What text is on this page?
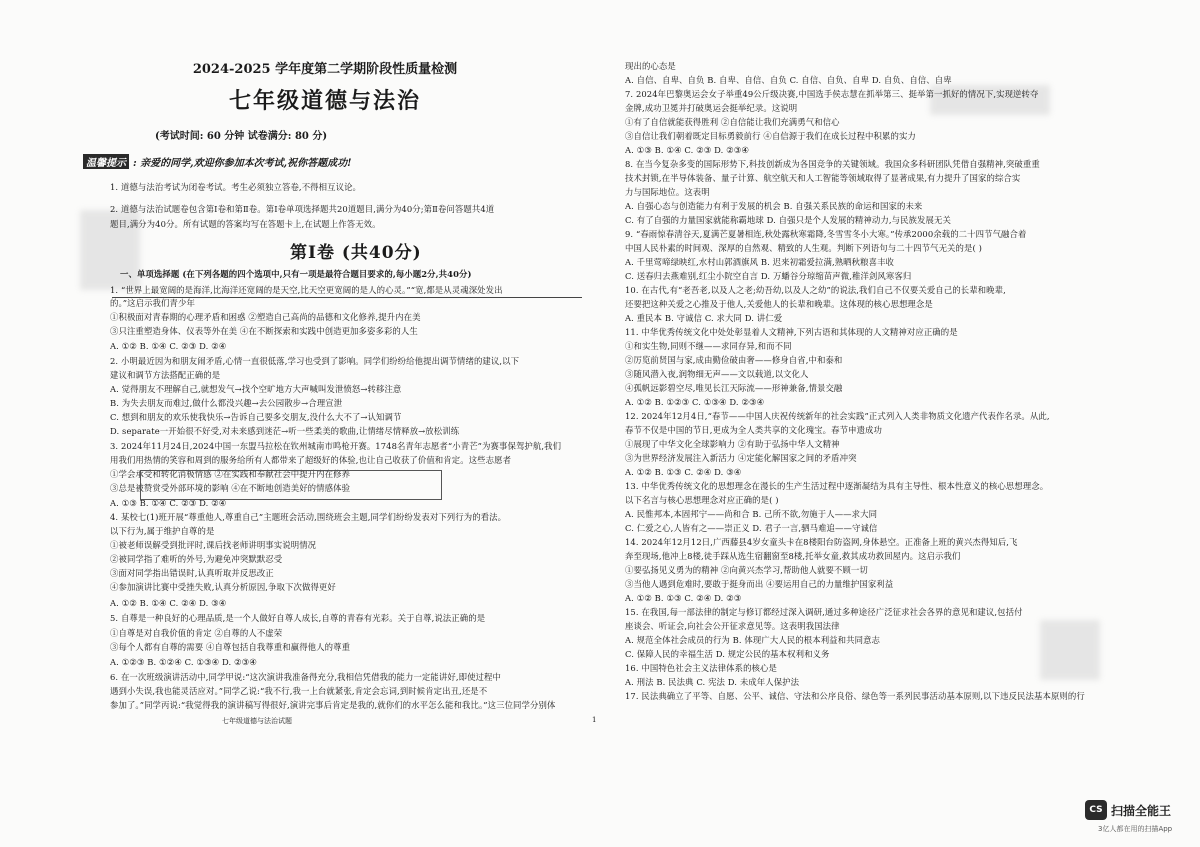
2024-2025 学年度第二学期阶段性质量检测
七年级道德与法治
(考试时间: 60 分钟 试卷满分: 80 分)
温馨提示 : 亲爱的同学,欢迎你参加本次考试,祝你答题成功!
第Ⅰ卷 (共40分)
1. 道德与法治考试为闭卷考试。考生必须独立答卷,不得相互议论。
2. 道德与法治试题卷包含第Ⅰ卷和第Ⅱ卷。第Ⅰ卷单项选择题共20道题目,满分为40分;第Ⅱ卷问答题共4道
题目,满分为40分。所有试题的答案均写在答题卡上,在试题上作答无效。
一、单项选择题 (在下列各题的四个选项中,只有一项是最符合题目要求的,每小题2分,共40分)
1. “世界上最宽阔的是海洋,比海洋还宽阔的是天空,比天空更宽阔的是人的心灵。”“宽,都是从灵魂深处发出
的。”这启示我们青少年
①积极面对青春期的心理矛盾和困惑 ②塑造自己高尚的品德和文化修养,提升内在美
③只注重塑造身体、仪表等外在美 ④在不断探索和实践中创造更加多姿多彩的人生
A. ①② B. ①④ C. ②③ D. ②④
2. 小明最近因为和朋友闹矛盾,心情一直很低落,学习也受到了影响。同学们纷纷给他提出调节情绪的建议,以下
建议和调节方法搭配正确的是
A. 觉得朋友不理解自己,就想发气→找个空旷地方大声喊叫发泄愤怒→转移注意
B. 为失去朋友而难过,做什么都没兴趣→去公园散步→合理宣泄
C. 想到和朋友的欢乐使我快乐→告诉自己要多交朋友,没什么大不了→认知调节
D. separate一开始很不好受,对未来感到迷茫→听一些柔美的歌曲,让情绪尽情释放→放松训练
3. 2024年11月24日,2024中国一东盟马拉松在钦州城南市鸣枪开赛。1748名青年志愿者“小青芒”为赛事保驾护航,我们
用我们用热情的笑容和周到的服务给所有人都带来了超级好的体验,也让自己收获了价值和肯定。这些志愿者
①学会承受和转化消极情感 ②在实践和奉献社会中提升内在修养
③总是被赞赏受外部环境的影响 ④在不断地创造美好的情感体验
A. ①③ B. ①④ C. ②③ D. ②④
4. 某校七(1)班开展“尊重他人,尊重自己”主题班会活动,围绕班会主题,同学们纷纷发表对下列行为的看法。
以下行为,属于维护自尊的是
①被老师误解受到批评时,课后找老师讲明事实说明情况
②被同学指了难听的外号,为避免冲突默默忍受
③面对同学指出错误时,认真听取并反思改正
④参加演讲比赛中受挫失败,认真分析原因,争取下次做得更好
A. ①② B. ①④ C. ②④ D. ③④
5. 自尊是一种良好的心理品质,是一个人做好自尊人成长,自尊的青春有光彩。关于自尊,说法正确的是
①自尊是对自我价值的肯定 ②自尊的人不虚荣
③每个人都有自尊的需要 ④自尊包括自我尊重和赢得他人的尊重
A. ①②③ B. ①②④ C. ①③④ D. ②③④
6. 在一次班级演讲活动中,同学甲说:“这次演讲我准备得充分,我相信凭借我的能力一定能讲好,即使过程中
遇到小失误,我也能灵活应对。”同学乙说:“我不行,我一上台就紧张,肯定会忘词,到时候肯定出丑,还是不
参加了。”同学丙说:“我觉得我的演讲稿写得很好,演讲完事后肯定是我的,就你们的水平怎么能和我比。”这三位同学分别体
七年级道德与法治试题	1
现出的心态是
A. 自信、自卑、自负 B. 自卑、自信、自负 C. 自信、自负、自卑 D. 自负、自信、自卑
7. 2024年巴黎奥运会女子举重49公斤级决赛,中国选手侯志慧在抓举第三、挺举第一抓好的情况下,实现逆转夺
金牌,成功卫冕并打破奥运会挺举纪录。这说明
①有了自信就能获得胜利 ②自信能让我们充满勇气和信心
③自信让我们朝着既定目标勇毅前行 ④自信源于我们在成长过程中积累的实力
A. ①③ B. ①④ C. ②③ D. ②③④
8. 在当今复杂多变的国际形势下,科技创新成为各国竞争的关键领域。我国众多科研团队凭借自强精神,突破重重
技术封锁,在半导体装备、量子计算、航空航天和人工智能等领域取得了显著成果,有力提升了国家的综合实
力与国际地位。这表明
A. 自强心态与创造能力有利于发展的机会 B. 自强关系民族的命运和国家的未来
C. 有了自强的力量国家就能称霸地球 D. 自强只是个人发展的精神动力,与民族发展无关
9. “春雨惊春清谷天,夏满芒夏暑相连,秋处露秋寒霜降,冬雪雪冬小大寒。”传承2000余载的二十四节气融合着
中国人民朴素的时间观、深厚的自然观、精致的人生观。判断下列语句与二十四节气无关的是( )
A. 千里莺啼绿映红,水村山郭酒旗风 B. 迟来初霜爱拉满,熟晒秋粮喜丰收
C. 送春归去燕难别,红尘小院空自言 D. 万蟠谷分琼缩苗声微,稚洋剑风寒客归
10. 在古代,有“老吾老,以及人之老;幼吾幼,以及人之幼”的说法,我们自己不仅要关爱自己的长辈和晚辈,
还要把这种关爱之心推及于他人,关爱他人的长辈和晚辈。这体现的核心思想理念是
A. 重民本 B. 守诚信 C. 求大同 D. 讲仁爱
11. 中华优秀传统文化中处处彰显着人文精神,下列古语和其体现的人文精神对应正确的是
①和实生物,同则不继——求同存异,和而不同
②厉览前贤国与家,成由勤俭破由奢——修身自省,中和泰和
③随风潜入夜,润物细无声——文以载道,以文化人
④孤帆远影碧空尽,唯见长江天际流——形神兼备,情景交融
A. ①② B. ①②③ C. ①③④ D. ②③④
12. 2024年12月4日,“春节——中国人庆祝传统新年的社会实践”正式列入人类非物质文化遗产代表作名录。从此,
春节不仅是中国的节日,更成为全人类共享的文化瑰宝。春节申遗成功
①展现了中华文化全球影响力 ②有助于弘扬中华人文精神
③为世界经济发展注入新活力 ④定能化解国家之间的矛盾冲突
A. ①② B. ①③ C. ②④ D. ③④
13. 中华优秀传统文化的思想理念在漫长的生产生活过程中逐渐凝结为具有主导性、根本性意义的核心思想理念。
以下名言与核心思想理念对应正确的是( )
A. 民惟邦本,本固邦宁——尚和合 B. 己所不欲,勿施于人——求大同
C. 仁爱之心,人皆有之——崇正义 D. 君子一言,驷马难追——守诚信
14. 2024年12月12日,广西藤县4岁女童头卡在8楼阳台防盗网,身体悬空。正准备上班的黄兴杰得知后,飞
奔至现场,他冲上8楼,徒手踩从选生宿翻窗至8楼,托举女童,救其成功救回屋内。这启示我们
①要弘扬见义勇为的精神 ②向黄兴杰学习,帮助他人就要不顾一切
③当他人遇到危难时,要敢于挺身而出 ④要运用自己的力量维护国家利益
A. ①② B. ①③ C. ②④ D. ②③
15. 在我国,每一部法律的制定与修订都经过深入调研,通过多种途径广泛征求社会各界的意见和建议,包括付
座谈会、听证会,向社会公开征求意见等。这表明我国法律
A. 规范全体社会成员的行为 B. 体现广大人民的根本利益和共同意志
C. 保障人民的幸福生活 D. 规定公民的基本权利和义务
16. 中国特色社会主义法律体系的核心是
A. 刑法 B. 民法典 C. 宪法 D. 未成年人保护法
17. 民法典确立了平等、自愿、公平、诚信、守法和公序良俗、绿色等一系列民事活动基本原则,以下违反民法基本原则的行
CS 扫描全能王
3亿人都在用的扫描App
